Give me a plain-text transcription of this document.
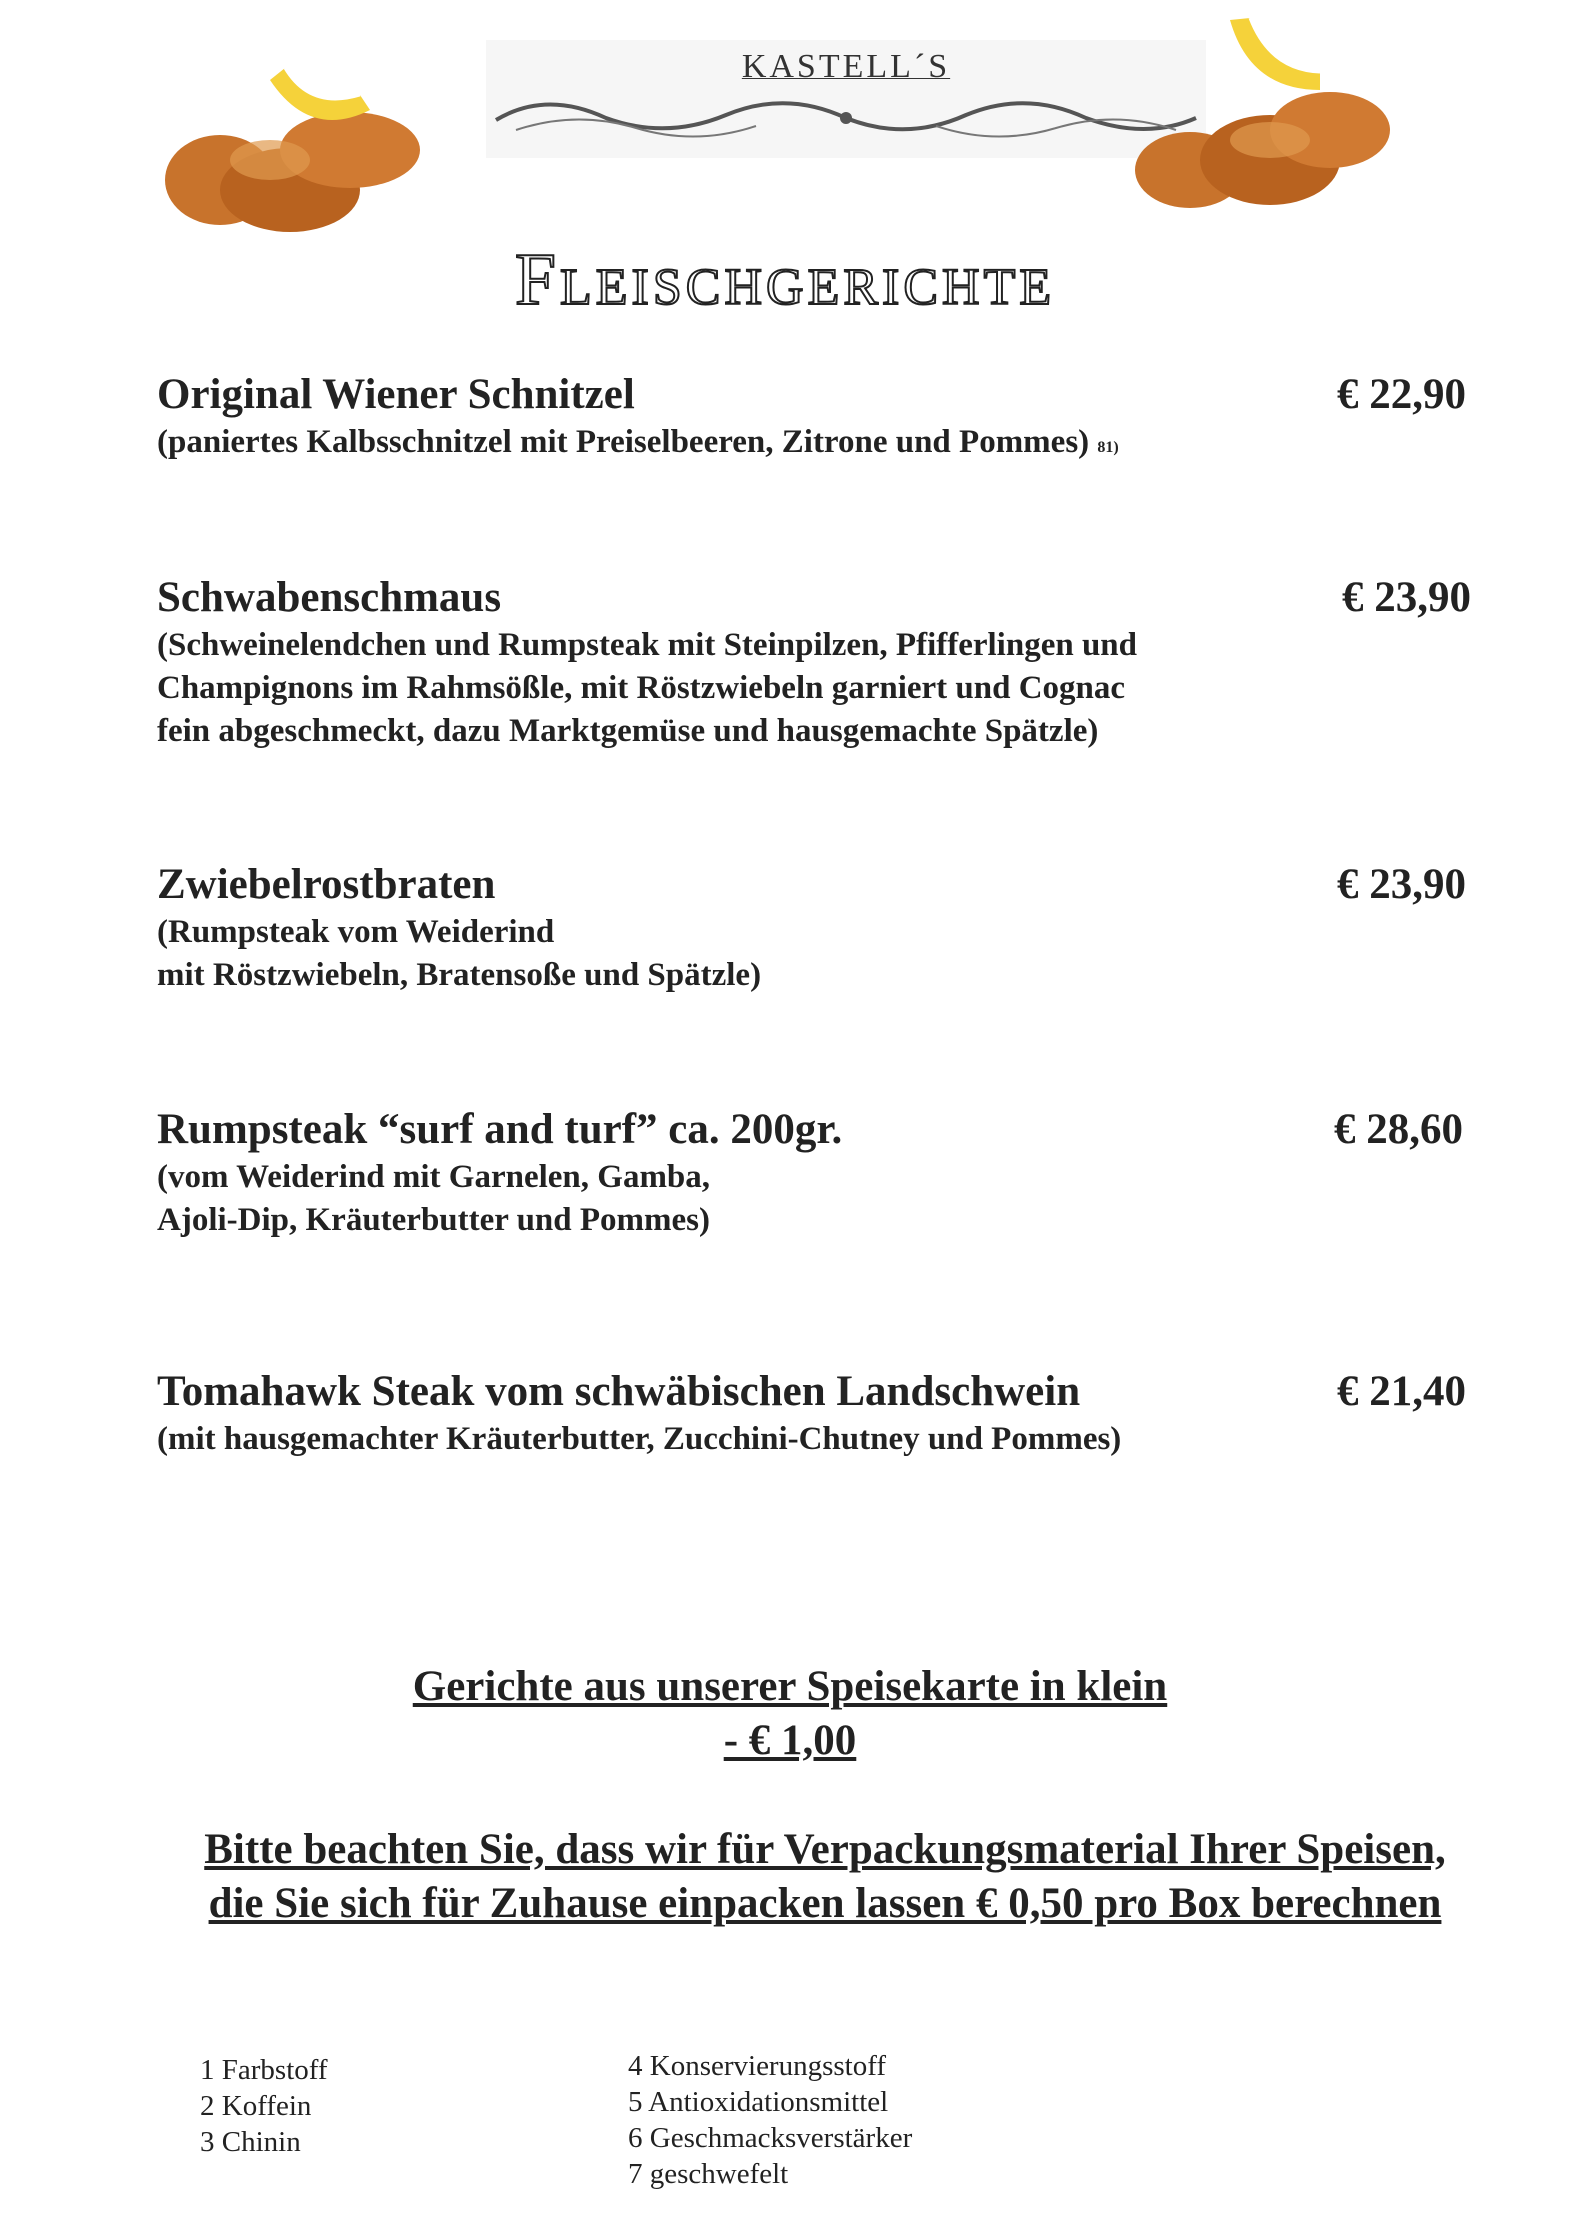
KASTELL´S
Fleischgerichte
Original Wiener Schnitzel	€ 22,90
(paniertes Kalbsschnitzel mit Preiselbeeren, Zitrone und Pommes) 81)
Schwabenschmaus	€ 23,90
(Schweinelendchen und Rumpsteak mit Steinpilzen, Pfifferlingen und
Champignons im Rahmsößle, mit Röstzwiebeln garniert und Cognac
fein abgeschmeckt, dazu Marktgemüse und hausgemachte Spätzle)
Zwiebelrostbraten	€ 23,90
(Rumpsteak vom Weiderind
mit Röstzwiebeln, Bratensoße und Spätzle)
Rumpsteak “surf and turf” ca. 200gr.	€ 28,60
(vom Weiderind mit Garnelen, Gamba,
Ajoli-Dip, Kräuterbutter und Pommes)
Tomahawk Steak vom schwäbischen Landschwein	€ 21,40
(mit hausgemachter Kräuterbutter, Zucchini-Chutney und Pommes)
Gerichte aus unserer Speisekarte in klein
- € 1,00
Bitte beachten Sie, dass wir für Verpackungsmaterial Ihrer Speisen,
die Sie sich für Zuhause einpacken lassen € 0,50 pro Box berechnen
1 Farbstoff
2 Koffein
3 Chinin
4 Konservierungsstoff
5 Antioxidationsmittel
6 Geschmacksverstärker
7 geschwefelt
